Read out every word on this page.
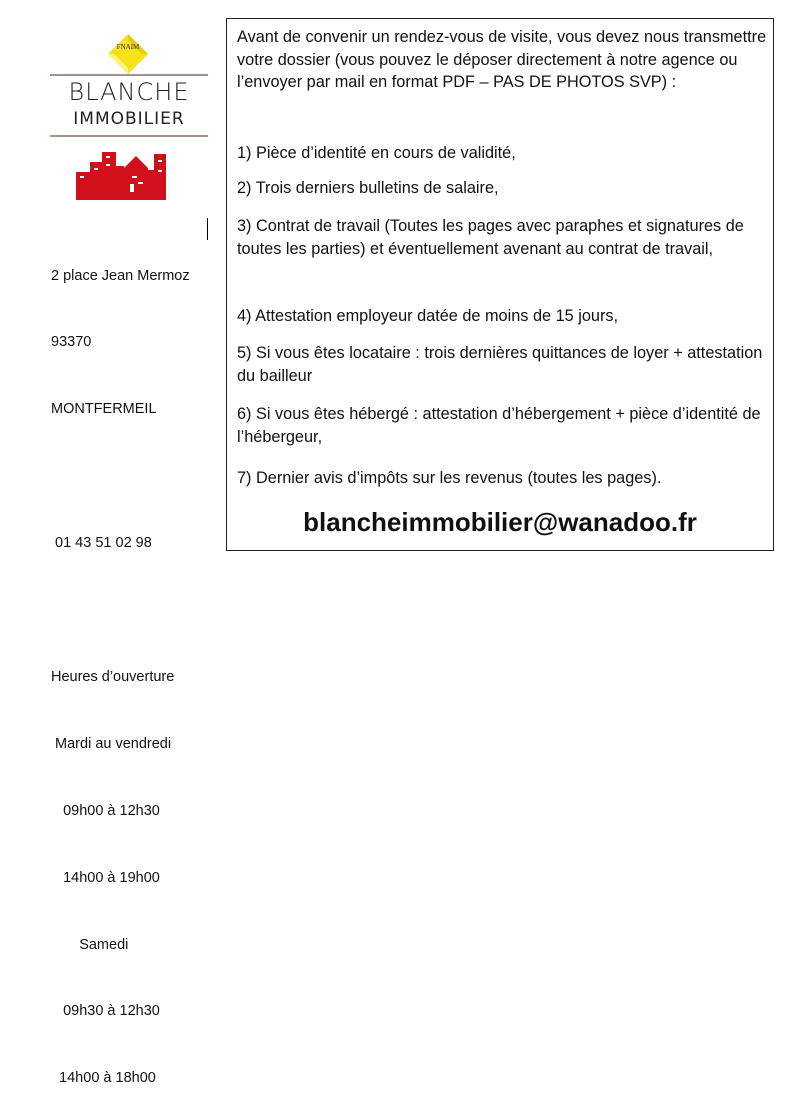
FNAIM
BLANCHE
IMMOBILIER

2 place Jean Mermoz

93370

MONTFERMEIL

01 43 51 02 98

Heures d’ouverture

Mardi au vendredi

09h00 à 12h30

14h00 à 19h00

Samedi

09h30 à 12h30

14h00 à 18h00

Avant de convenir un rendez-vous de visite, vous devez nous transmettre votre dossier (vous pouvez le déposer directement à notre agence ou l’envoyer par mail en format PDF – PAS DE PHOTOS SVP) :
1) Pièce d’identité en cours de validité,
2) Trois derniers bulletins de salaire,
3) Contrat de travail (Toutes les pages avec paraphes et signatures de toutes les parties) et éventuellement avenant au contrat de travail,
4) Attestation employeur datée de moins de 15 jours,
5) Si vous êtes locataire : trois dernières quittances de loyer + attestation du bailleur
6) Si vous êtes hébergé : attestation d’hébergement + pièce d’identité de l’hébergeur,
7) Dernier avis d’impôts sur les revenus (toutes les pages).
blancheimmobilier@wanadoo.fr
